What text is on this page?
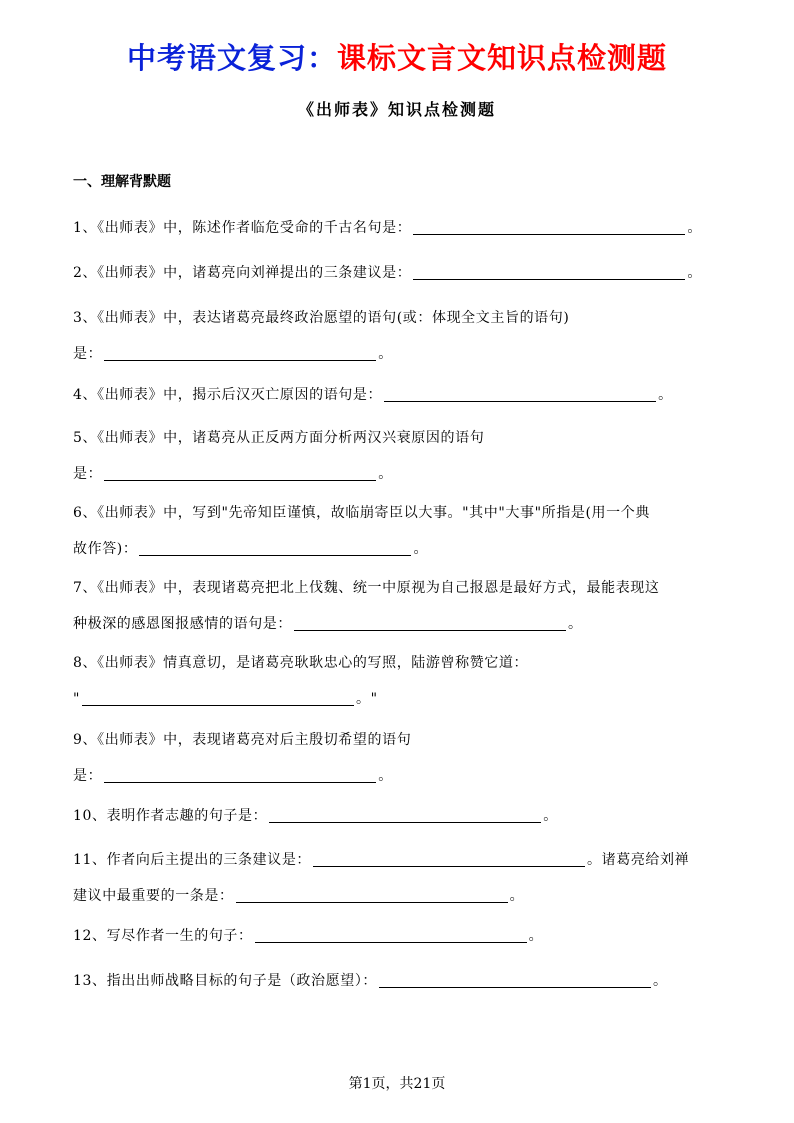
中考语文复习：课标文言文知识点检测题
《出师表》知识点检测题
一、理解背默题
1、《出师表》中，陈述作者临危受命的千古名句是：	。
2、《出师表》中，诸葛亮向刘禅提出的三条建议是：	。
3、《出师表》中，表达诸葛亮最终政治愿望的语句(或：体现全文主旨的语句)
是：	。
4、《出师表》中，揭示后汉灭亡原因的语句是：	。
5、《出师表》中，诸葛亮从正反两方面分析两汉兴衰原因的语句
是：	。
6、《出师表》中，写到"先帝知臣谨慎，故临崩寄臣以大事。"其中"大事"所指是(用一个典
故作答)：	。
7、《出师表》中，表现诸葛亮把北上伐魏、统一中原视为自己报恩是最好方式，最能表现这
种极深的感恩图报感情的语句是：	。
8、《出师表》情真意切，是诸葛亮耿耿忠心的写照，陆游曾称赞它道：
"	。"
9、《出师表》中，表现诸葛亮对后主殷切希望的语句
是：	。
10、表明作者志趣的句子是：	。
11、作者向后主提出的三条建议是：	。诸葛亮给刘禅
建议中最重要的一条是：	。
12、写尽作者一生的句子：	。
13、指出出师战略目标的句子是（政治愿望）：	。
第1页，共21页
